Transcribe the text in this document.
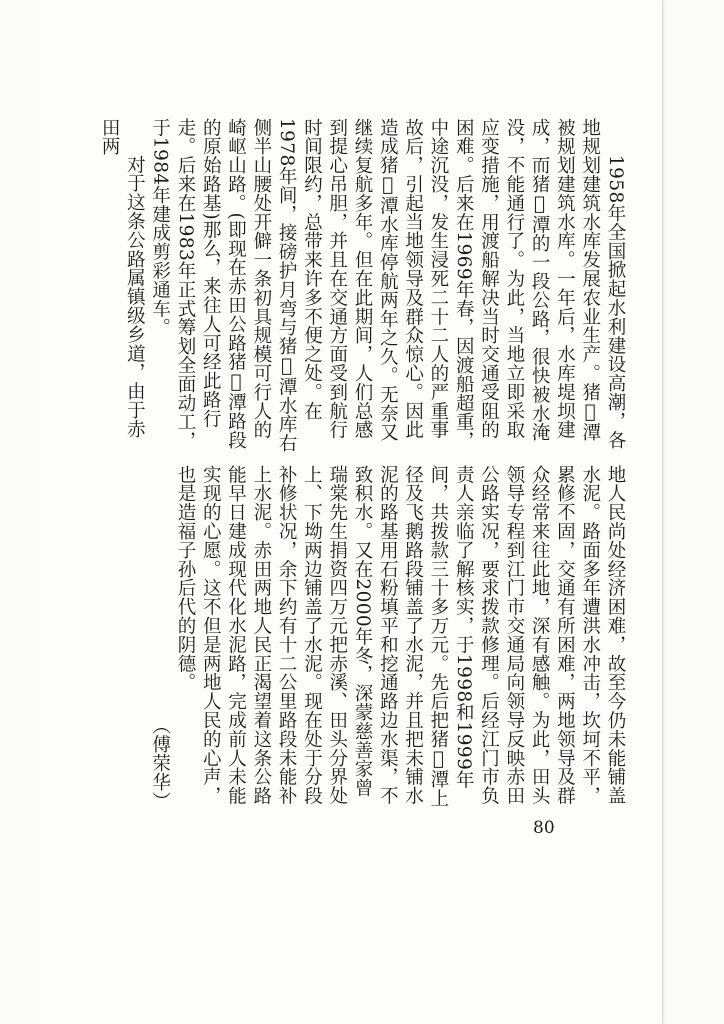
1958年全国掀起水利建设高潮，各地规划建筑水库发展农业生产。猪𤅭潭被规划建筑水库。一年后，水库堤坝建成，而猪𤅭潭的一段公路，很快被水淹没，不能通行了。为此，当地立即采取应变措施，用渡船解决当时交通受阻的困难。后来在1969年春，因渡船超重，中途沉没，发生浸死二十二人的严重事故后，引起当地领导及群众惊心。因此造成猪𤅭潭水库停航两年之久。无奈又继续复航多年。但在此期间，人们总感到提心吊胆，并且在交通方面受到航行时间限约，总带来许多不便之处。在1978年间，接磅护月弯与猪𤅭潭水库右侧半山腰处开僻一条初具规模可行人的崎岖山路。(即现在赤田公路猪𤅭潭路段的原始路基)那么，来往人可经此路行走。后来在1983年正式筹划全面动工，于1984年建成剪彩通车。

对于这条公路属镇级乡道，由于赤田两

地人民尚处经济困难，故至今仍未能铺盖水泥。路面多年遭洪水冲击，坎坷不平，累修不固，交通有所困难，两地领导及群众经常来往此地，深有感触。为此，田头领导专程到江门市交通局向领导反映赤田公路实况，要求拨款修理。后经江门市负责人亲临了解核实，于1998和1999年间，共拨款三十多万元。先后把猪𤅭潭上径及飞鹅路段铺盖了水泥，并且把未铺水泥的路基用石粉填平和挖通路边水渠，不致积水。又在2000年冬，深蒙慈善家曾瑞棠先生捐资四万元把赤溪、田头分界处上、下坳两边铺盖了水泥。现在处于分段补修状况，余下约有十二公里路段未能补上水泥。赤田两地人民正渴望着这条公路能早日建成现代化水泥路，完成前人未能实现的心愿。这不但是两地人民的心声，也是造福子孙后代的阴德。

（傅荣华）

80
